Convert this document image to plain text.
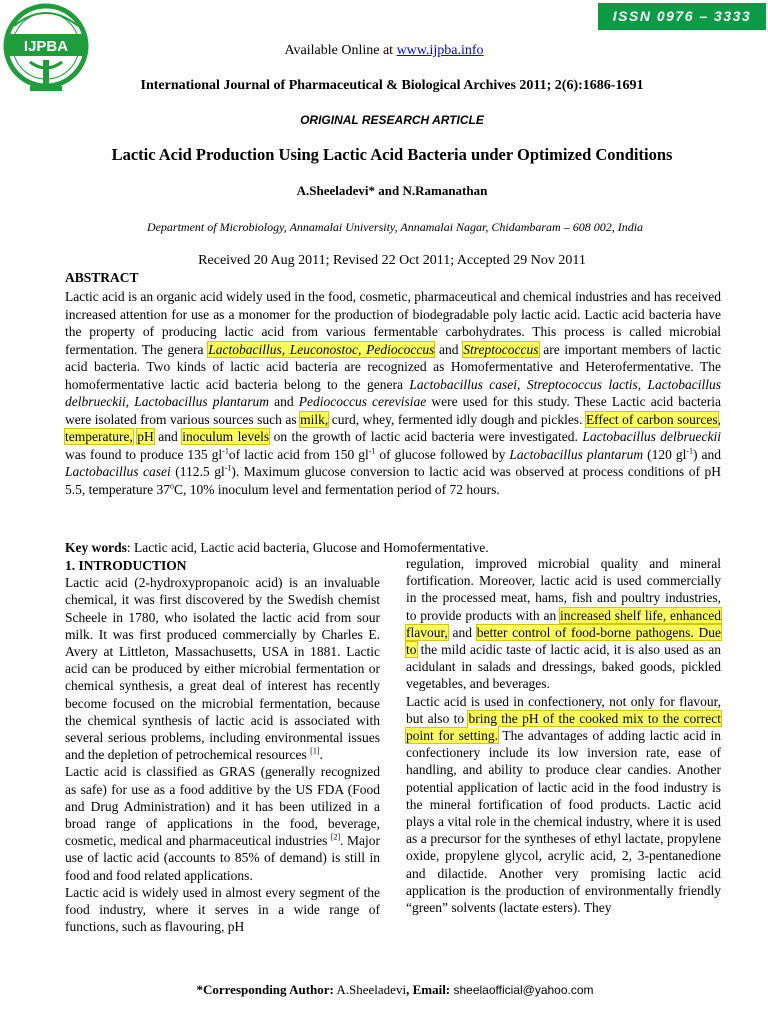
ISSN 0976 – 3333
IJPBA	Available Online at www.ijpba.info
International Journal of Pharmaceutical & Biological Archives 2011; 2(6):1686-1691
ORIGINAL RESEARCH ARTICLE
Lactic Acid Production Using Lactic Acid Bacteria under Optimized Conditions
A.Sheeladevi* and N.Ramanathan
Department of Microbiology, Annamalai University, Annamalai Nagar, Chidambaram – 608 002, India
Received 20 Aug 2011; Revised 22 Oct 2011; Accepted 29 Nov 2011
ABSTRACT

Lactic acid is an organic acid widely used in the food, cosmetic, pharmaceutical and chemical industries and has received increased attention for use as a monomer for the production of biodegradable poly lactic acid. Lactic acid bacteria have the property of producing lactic acid from various fermentable carbohydrates. This process is called microbial fermentation. The genera Lactobacillus, Leuconostoc, Pediococcus and Streptococcus are important members of lactic acid bacteria. Two kinds of lactic acid bacteria are recognized as Homofermentative and Heterofermentative. The homofermentative lactic acid bacteria belong to the genera Lactobacillus casei, Streptococcus lactis, Lactobacillus delbrueckii, Lactobacillus plantarum and Pediococcus cerevisiae were used for this study. These Lactic acid bacteria were isolated from various sources such as milk, curd, whey, fermented idly dough and pickles. Effect of carbon sources, temperature, pH and inoculum levels on the growth of lactic acid bacteria were investigated. Lactobacillus delbrueckii was found to produce 135 $gl^{-1}of$ lactic acid from 150 $gl^{-1}$ of glucose followed by Lactobacillus plantarum (120 $gl^{-1}$) and Lactobacillus casei (112.5 $gl^{-1}$). Maximum glucose conversion to lactic acid was observed at process conditions of pH 5.5, temperature 37$^o$C, 10% inoculum level and fermentation period of 72 hours.

Key words: Lactic acid, Lactic acid bacteria, Glucose and Homofermentative.

1. INTRODUCTION

Lactic acid (2-hydroxypropanoic acid) is an invaluable chemical, it was first discovered by the Swedish chemist Scheele in 1780, who isolated the lactic acid from sour milk. It was first produced commercially by Charles E. Avery at Littleton, Massachusetts, USA in 1881. Lactic acid can be produced by either microbial fermentation or chemical synthesis, a great deal of interest has recently become focused on the microbial fermentation, because the chemical synthesis of lactic acid is associated with several serious problems, including environmental issues and the depletion of petrochemical resources [1].

Lactic acid is classified as GRAS (generally recognized as safe) for use as a food additive by the US FDA (Food and Drug Administration) and it has been utilized in a broad range of applications in the food, beverage, cosmetic, medical and pharmaceutical industries [2]. Major use of lactic acid (accounts to 85% of demand) is still in food and food related applications.

Lactic acid is widely used in almost every segment of the food industry, where it serves in a wide range of functions, such as flavouring, pH

regulation, improved microbial quality and mineral fortification. Moreover, lactic acid is used commercially in the processed meat, hams, fish and poultry industries, to provide products with an increased shelf life, enhanced flavour, and better control of food-borne pathogens. Due to the mild acidic taste of lactic acid, it is also used as an acidulant in salads and dressings, baked goods, pickled vegetables, and beverages.

Lactic acid is used in confectionery, not only for flavour, but also to bring the pH of the cooked mix to the correct point for setting. The advantages of adding lactic acid in confectionery include its low inversion rate, ease of handling, and ability to produce clear candies. Another potential application of lactic acid in the food industry is the mineral fortification of food products. Lactic acid plays a vital role in the chemical industry, where it is used as a precursor for the syntheses of ethyl lactate, propylene oxide, propylene glycol, acrylic acid, 2, 3-pentanedione and dilactide. Another very promising lactic acid application is the production of environmentally friendly “green” solvents (lactate esters). They

*Corresponding Author: A.Sheeladevi, Email: sheelaofficial@yahoo.com
